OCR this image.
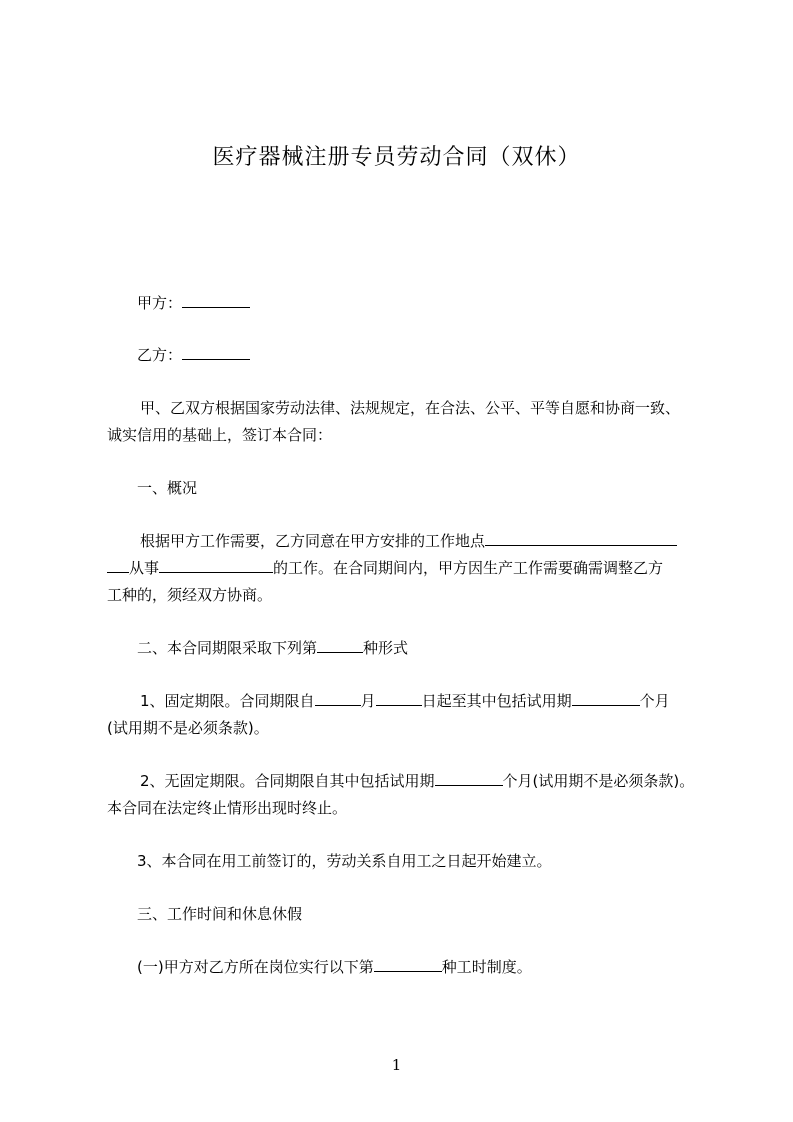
医疗器械注册专员劳动合同（双休）
甲方：
乙方：
甲、乙双方根据国家劳动法律、法规规定，在合法、公平、平等自愿和协商一致、
诚实信用的基础上，签订本合同：
一、概况
根据甲方工作需要，乙方同意在甲方安排的工作地点
从事	的工作。在合同期间内，甲方因生产工作需要确需调整乙方
工种的，须经双方协商。
二、本合同期限采取下列第	种形式
1、固定期限。合同期限自	月	日起至其中包括试用期	个月
(试用期不是必须条款)。
2、无固定期限。合同期限自其中包括试用期	个月(试用期不是必须条款)。
本合同在法定终止情形出现时终止。
3、本合同在用工前签订的，劳动关系自用工之日起开始建立。
三、工作时间和休息休假
(一)甲方对乙方所在岗位实行以下第	种工时制度。
1
